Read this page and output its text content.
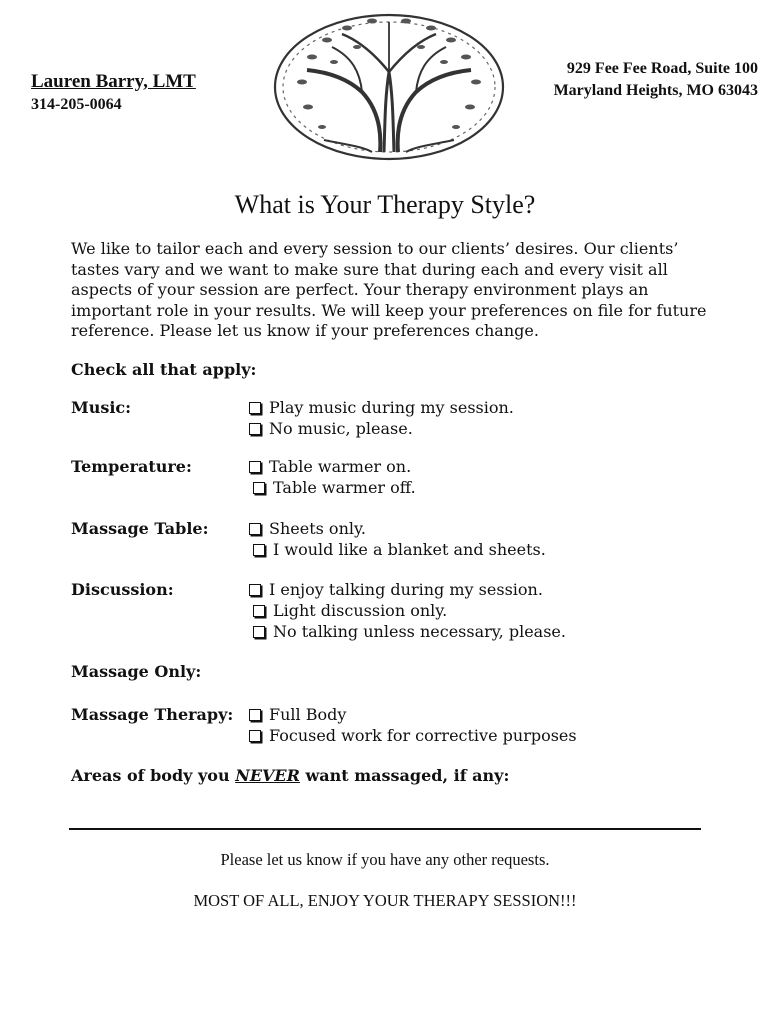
Lauren Barry, LMT
314-205-0064
929 Fee Fee Road, Suite 100
Maryland Heights, MO 63043
What is Your Therapy Style?

We like to tailor each and every session to our clients’ desires. Our clients’ tastes vary and we want to make sure that during each and every visit all aspects of your session are perfect. Your therapy environment plays an important role in your results. We will keep your preferences on file for future reference. Please let us know if your preferences change.

Check all that apply:
Music:	Play music during my session.
No music, please.
Temperature:	Table warmer on.
Table warmer off.
Massage Table:	Sheets only.
I would like a blanket and sheets.
Discussion:	I enjoy talking during my session.
Light discussion only.
No talking unless necessary, please.
Massage Only:
Massage Therapy: Full Body
Focused work for corrective purposes
Areas of body you NEVER want massaged, if any:
Please let us know if you have any other requests.
MOST OF ALL, ENJOY YOUR THERAPY SESSION!!!
